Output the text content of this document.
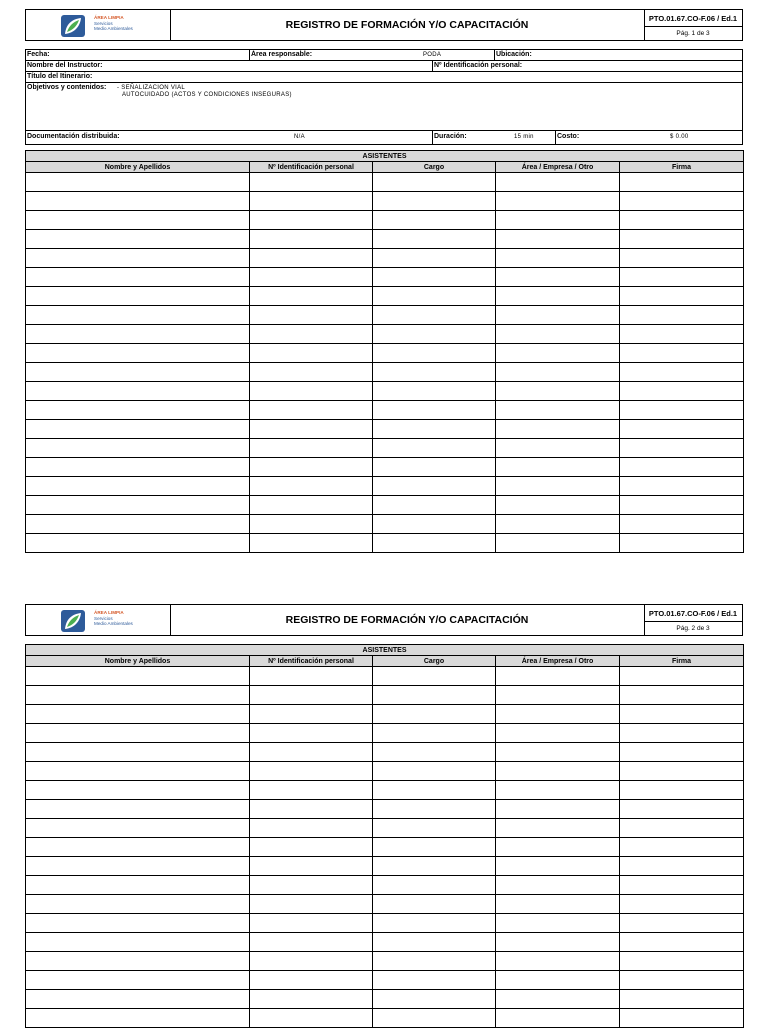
ÁREA LIMPIA
Servicios
Medio Ambientales	REGISTRO DE FORMACIÓN Y/O CAPACITACIÓN
PTO.01.67.CO-F.06 / Ed.1
Pág. 1 de 3
Fecha:	Área responsable:	PODA	Ubicación:
Nombre del Instructor:	Nº Identificación personal:
Título del Itinerario:
Objetivos y contenidos: - SEÑALIZACION VIAL
AUTOCUIDADO (ACTOS Y CONDICIONES INSEGURAS)
Documentación distribuida:	N/A	Duración:	15 min	Costo:	$ 0.00
ASISTENTES				
Nombre y Apellidos	Nº Identificación personal	Cargo	Área / Empresa / Otro	Firma

ÁREA LIMPIA
Servicios
Medio Ambientales	REGISTRO DE FORMACIÓN Y/O CAPACITACIÓN
PTO.01.67.CO-F.06 / Ed.1
Pág. 2 de 3
ASISTENTES				
Nombre y Apellidos	Nº Identificación personal	Cargo	Área / Empresa / Otro	Firma
